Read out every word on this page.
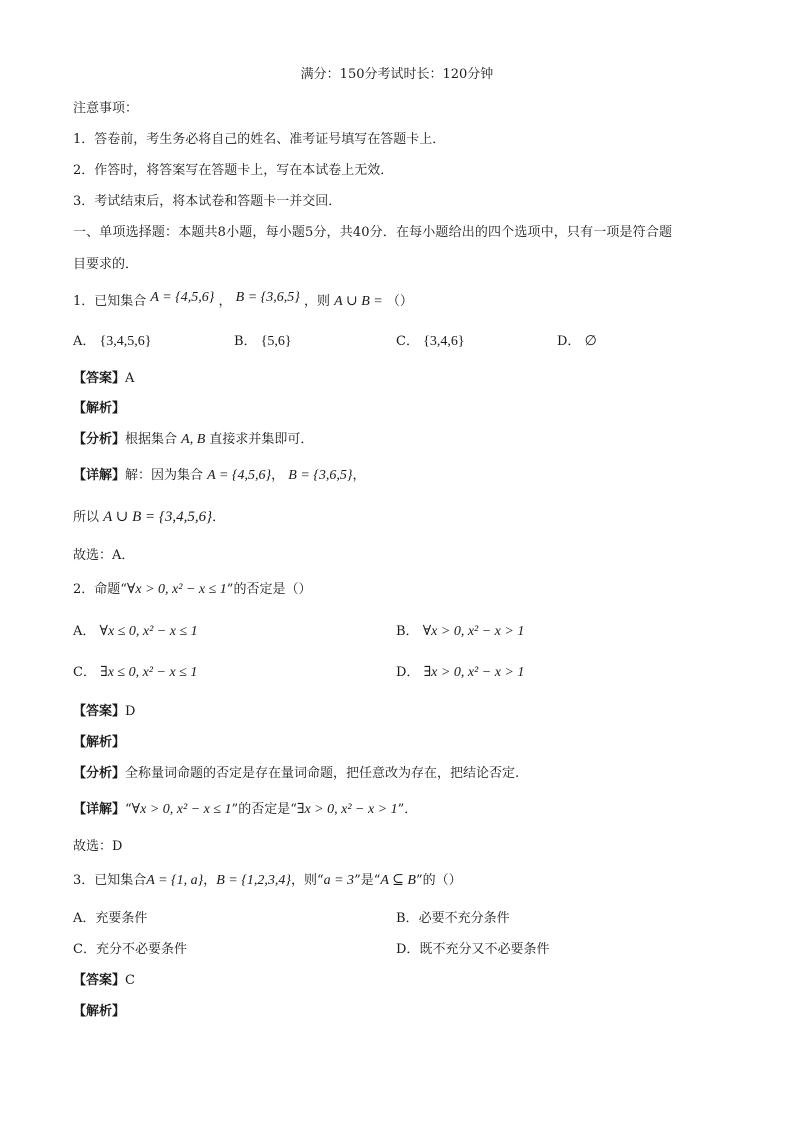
满分：150分考试时长：120分钟
注意事项：
1．答卷前，考生务必将自己的姓名、准考证号填写在答题卡上．
2．作答时，将答案写在答题卡上，写在本试卷上无效．
3．考试结束后，将本试卷和答题卡一并交回．
一、单项选择题：本题共8小题，每小题5分，共40分．在每小题给出的四个选项中，只有一项是符合题
目要求的．
1．已知集合 A = {4,5,6} ， B = {3,6,5} ，则 A ∪ B = （）
A． {3,4,5,6}	B． {5,6}	C． {3,4,6}	D． ∅
【答案】A
【解析】
【分析】根据集合 A, B 直接求并集即可．
【详解】解：因为集合 A = {4,5,6}， B = {3,6,5}，
所以 A ∪ B = {3,4,5,6}．
故选：A．
2．命题“∀x > 0, x² − x ≤ 1”的否定是（）
A． ∀x ≤ 0, x² − x ≤ 1	B． ∀x > 0, x² − x > 1
C． ∃x ≤ 0, x² − x ≤ 1	D． ∃x > 0, x² − x > 1
【答案】D
【解析】
【分析】全称量词命题的否定是存在量词命题，把任意改为存在，把结论否定.
【详解】“∀x > 0, x² − x ≤ 1”的否定是“∃x > 0, x² − x > 1”．
故选：D
3．已知集合A = {1, a}，B = {1,2,3,4}，则“a = 3”是“A ⊆ B”的（）
A．充要条件	B．必要不充分条件
C．充分不必要条件	D．既不充分又不必要条件
【答案】C
【解析】
